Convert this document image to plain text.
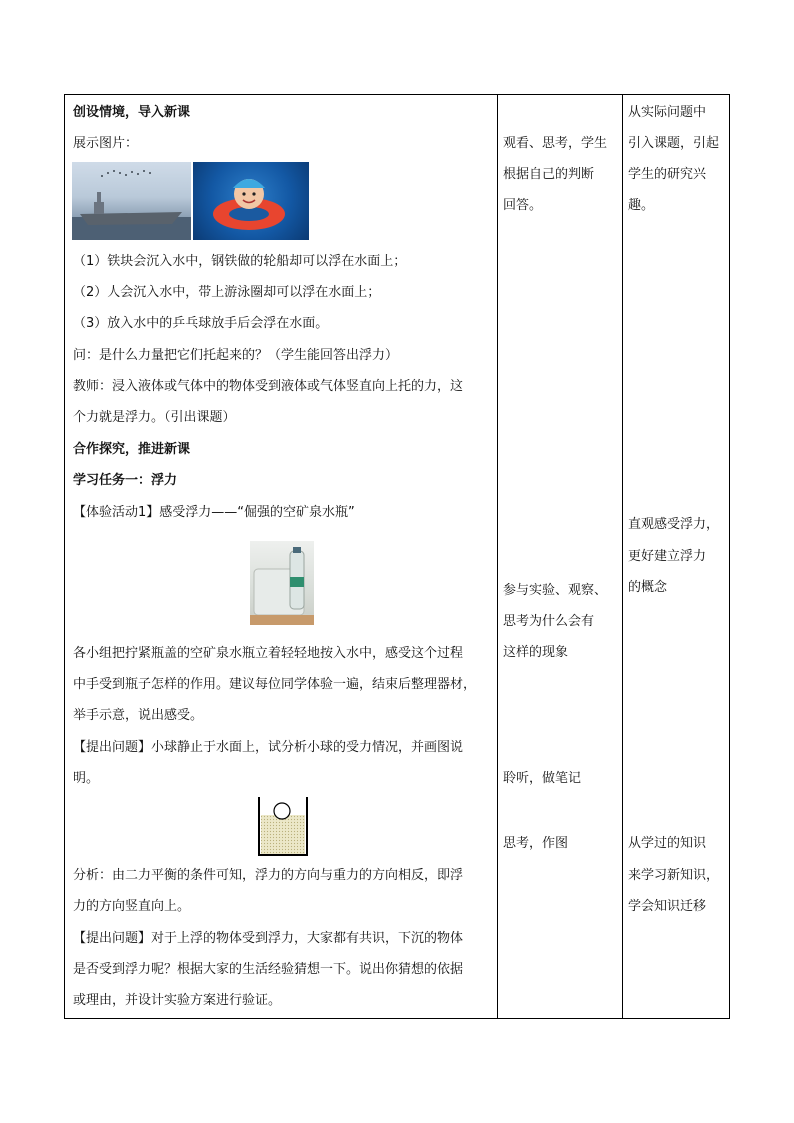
创设情境，导入新课
展示图片：
（1）铁块会沉入水中，钢铁做的轮船却可以浮在水面上；
（2）人会沉入水中，带上游泳圈却可以浮在水面上；
（3）放入水中的乒乓球放手后会浮在水面。
问：是什么力量把它们托起来的？（学生能回答出浮力）
教师：浸入液体或气体中的物体受到液体或气体竖直向上托的力，这
个力就是浮力。（引出课题）
合作探究，推进新课
学习任务一：浮力
【体验活动1】感受浮力——“倔强的空矿泉水瓶”
各小组把拧紧瓶盖的空矿泉水瓶立着轻轻地按入水中，感受这个过程
中手受到瓶子怎样的作用。建议每位同学体验一遍，结束后整理器材，
举手示意，说出感受。
【提出问题】小球静止于水面上，试分析小球的受力情况，并画图说
明。
分析：由二力平衡的条件可知，浮力的方向与重力的方向相反，即浮
力的方向竖直向上。
【提出问题】对于上浮的物体受到浮力，大家都有共识，下沉的物体
是否受到浮力呢？根据大家的生活经验猜想一下。说出你猜想的依据
或理由，并设计实验方案进行验证。
观看、思考，学生
根据自己的判断
回答。
参与实验、观察、
思考为什么会有
这样的现象
聆听，做笔记
思考，作图
从实际问题中
引入课题，引起
学生的研究兴
趣。
直观感受浮力，
更好建立浮力
的概念
从学过的知识
来学习新知识，
学会知识迁移
